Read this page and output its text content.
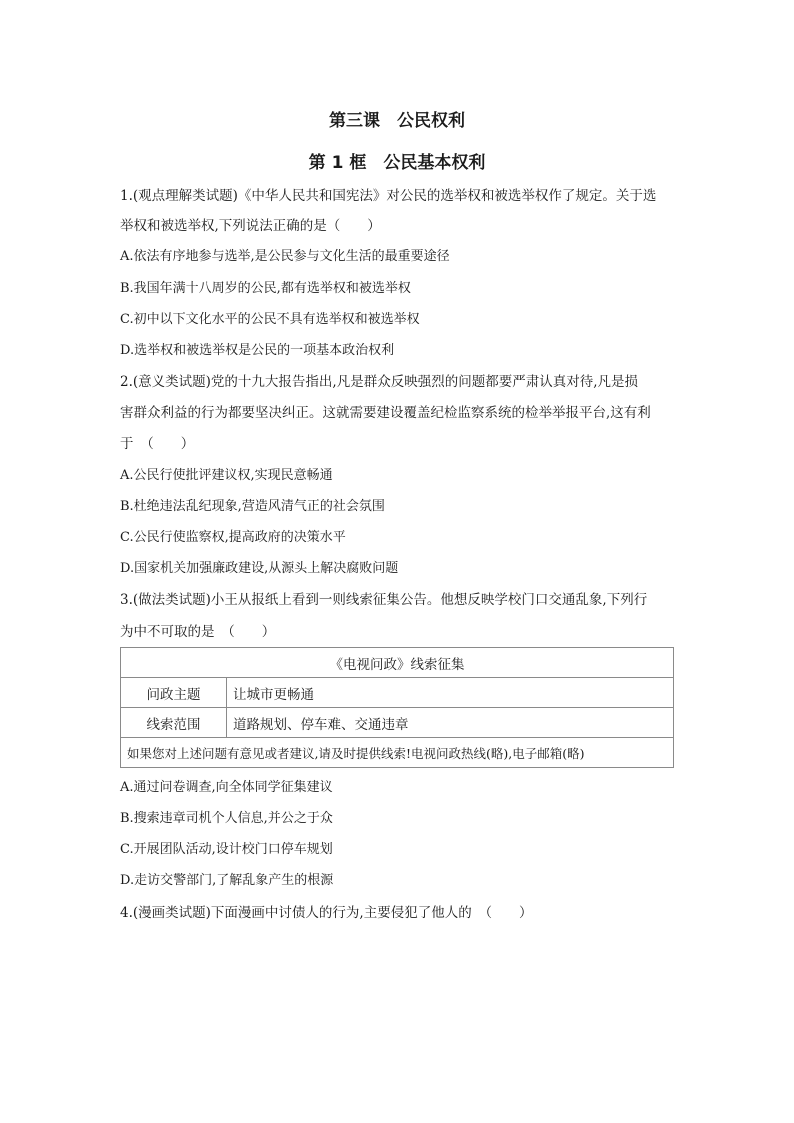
第三课　公民权利
第 1 框　公民基本权利
1.(观点理解类试题)《中华人民共和国宪法》对公民的选举权和被选举权作了规定。关于选
举权和被选举权,下列说法正确的是（　　）
A.依法有序地参与选举,是公民参与文化生活的最重要途径
B.我国年满十八周岁的公民,都有选举权和被选举权
C.初中以下文化水平的公民不具有选举权和被选举权
D.选举权和被选举权是公民的一项基本政治权利
2.(意义类试题)党的十九大报告指出,凡是群众反映强烈的问题都要严肃认真对待,凡是损
害群众利益的行为都要坚决纠正。这就需要建设覆盖纪检监察系统的检举举报平台,这有利
于　（　　）
A.公民行使批评建议权,实现民意畅通
B.杜绝违法乱纪现象,营造风清气正的社会氛围
C.公民行使监察权,提高政府的决策水平
D.国家机关加强廉政建设,从源头上解决腐败问题
3.(做法类试题)小王从报纸上看到一则线索征集公告。他想反映学校门口交通乱象,下列行
为中不可取的是　（　　）
《电视问政》线索征集	
问政主题	让城市更畅通
线索范围	道路规划、停车难、交通违章
如果您对上述问题有意见或者建议,请及时提供线索!电视问政热线(略),电子邮箱(略)	
A.通过问卷调查,向全体同学征集建议
B.搜索违章司机个人信息,并公之于众
C.开展团队活动,设计校门口停车规划
D.走访交警部门,了解乱象产生的根源
4.(漫画类试题)下面漫画中讨债人的行为,主要侵犯了他人的　（　　）
